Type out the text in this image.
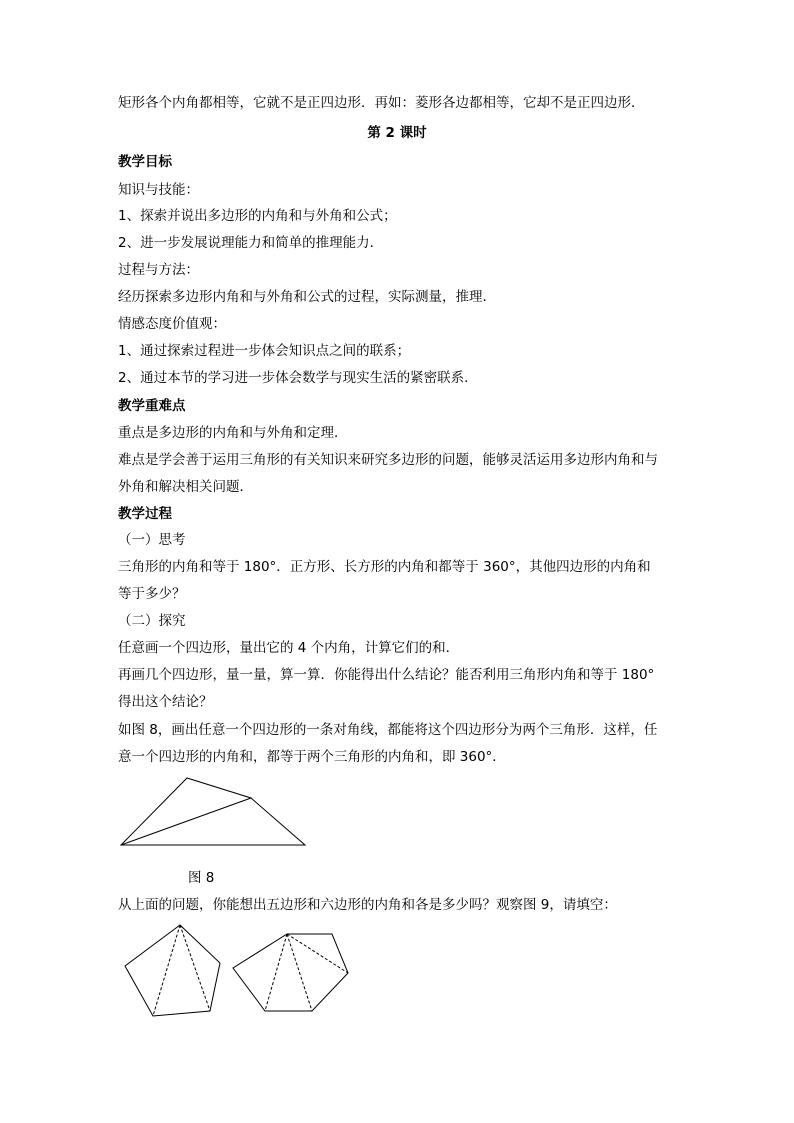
矩形各个内角都相等，它就不是正四边形．再如：菱形各边都相等，它却不是正四边形．
第 2 课时
教学目标
知识与技能：
1、探索并说出多边形的内角和与外角和公式；
2、进一步发展说理能力和简单的推理能力．
过程与方法：
经历探索多边形内角和与外角和公式的过程，实际测量，推理．
情感态度价值观：
1、通过探索过程进一步体会知识点之间的联系；
2、通过本节的学习进一步体会数学与现实生活的紧密联系．
教学重难点
重点是多边形的内角和与外角和定理．
难点是学会善于运用三角形的有关知识来研究多边形的问题，能够灵活运用多边形内角和与
外角和解决相关问题．
教学过程
（一）思考
三角形的内角和等于 180°．正方形、长方形的内角和都等于 360°，其他四边形的内角和
等于多少？
（二）探究
任意画一个四边形，量出它的 4 个内角，计算它们的和．
再画几个四边形，量一量，算一算．你能得出什么结论？能否利用三角形内角和等于 180°
得出这个结论？
如图 8，画出任意一个四边形的一条对角线，都能将这个四边形分为两个三角形．这样，任
意一个四边形的内角和，都等于两个三角形的内角和，即 360°．
图 8
从上面的问题，你能想出五边形和六边形的内角和各是多少吗？观察图 9，请填空：
